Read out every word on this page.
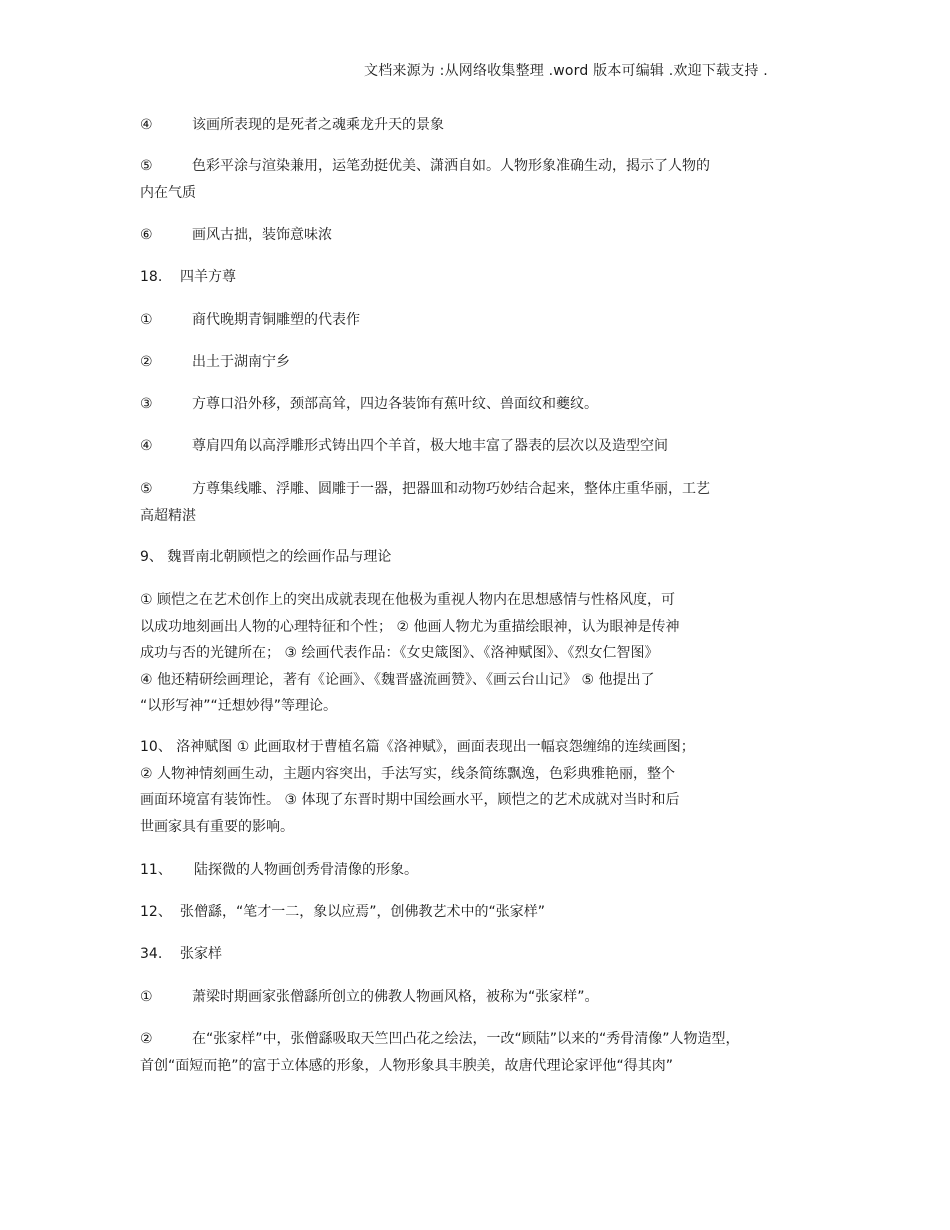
文档来源为 :从网络收集整理 .word 版本可编辑 .欢迎下载支持 .
④	该画所表现的是死者之魂乘龙升天的景象
⑤	色彩平涂与渲染兼用，运笔劲挺优美、潇洒自如。人物形象准确生动，揭示了人物的
内在气质
⑥	画风古拙，装饰意味浓
18. 四羊方尊
①	商代晚期青铜雕塑的代表作
②	出土于湖南宁乡
③	方尊口沿外移，颈部高耸，四边各装饰有蕉叶纹、兽面纹和夔纹。
④	尊肩四角以高浮雕形式铸出四个羊首，极大地丰富了器表的层次以及造型空间
⑤	方尊集线雕、浮雕、圆雕于一器，把器皿和动物巧妙结合起来，整体庄重华丽，工艺
高超精湛
9、 魏晋南北朝顾恺之的绘画作品与理论
① 顾恺之在艺术创作上的突出成就表现在他极为重视人物内在思想感情与性格风度，可
以成功地刻画出人物的心理特征和个性； ② 他画人物尤为重描绘眼神，认为眼神是传神
成功与否的光键所在； ③ 绘画代表作品：《女史箴图》、《洛神赋图》、《烈女仁智图》
④ 他还精研绘画理论，著有《论画》、《魏晋盛流画赞》、《画云台山记》 ⑤ 他提出了
“以形写神”“迁想妙得”等理论。
10、 洛神赋图 ① 此画取材于曹植名篇《洛神赋》，画面表现出一幅哀怨缠绵的连续画图；
② 人物神情刻画生动，主题内容突出，手法写实，线条简练飘逸，色彩典雅艳丽，整个
画面环境富有装饰性。 ③ 体现了东晋时期中国绘画水平，顾恺之的艺术成就对当时和后
世画家具有重要的影响。
11、 陆探微的人物画创秀骨清像的形象。
12、 张僧繇，“笔才一二，象以应焉”，创佛教艺术中的“张家样”
34. 张家样
①	萧梁时期画家张僧繇所创立的佛教人物画风格，被称为“张家样”。
②	在“张家样”中，张僧繇吸取天竺凹凸花之绘法，一改“顾陆”以来的“秀骨清像”人物造型，
首创“面短而艳”的富于立体感的形象，人物形象具丰腴美，故唐代理论家评他“得其肉”
